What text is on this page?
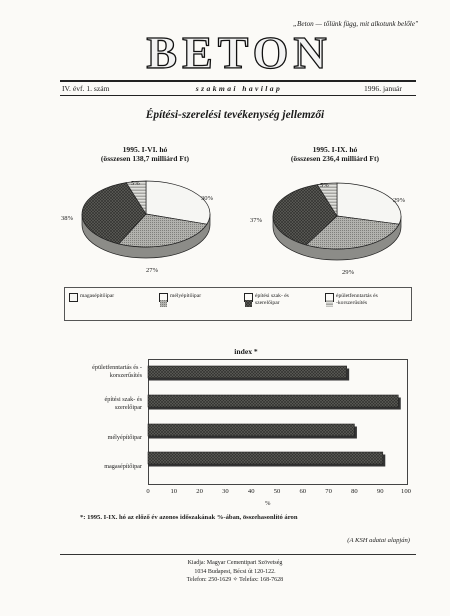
„Beton — tőlünk függ, mit alkotunk belőle"
BETON
IV. évf. 1. szám	szakmai havilap	1996. január
Építési-szerelési tevékenység jellemzői
1995. I-VI. hó
(összesen 138,7 milliárd Ft)
1995. I-IX. hó
(összesen 236,4 milliárd Ft)
30%
27%
38%
5%
29%
29%
37%
5%
magasépítőipar	mélyépítőipar	építési szak- és
szerelőipar
épületfenntartás és
-korszerűsítés
index *
épületfenntartás és -
korszerűsítés
építési szak- és
szerelőipar
mélyépítőipar
magasépítőipar
0	10	20	30	40	50	60	70	80	90	100
%
*: 1995. I-IX. hó az előző év azonos időszakának %-ában, összehasonlító áron
(A KSH adatai alapján)
Kiadja: Magyar Cementipari Szövetség
1034 Budapest, Bécsi út 120-122.
Telefon: 250-1629 ✧ Telefax: 168-7628
